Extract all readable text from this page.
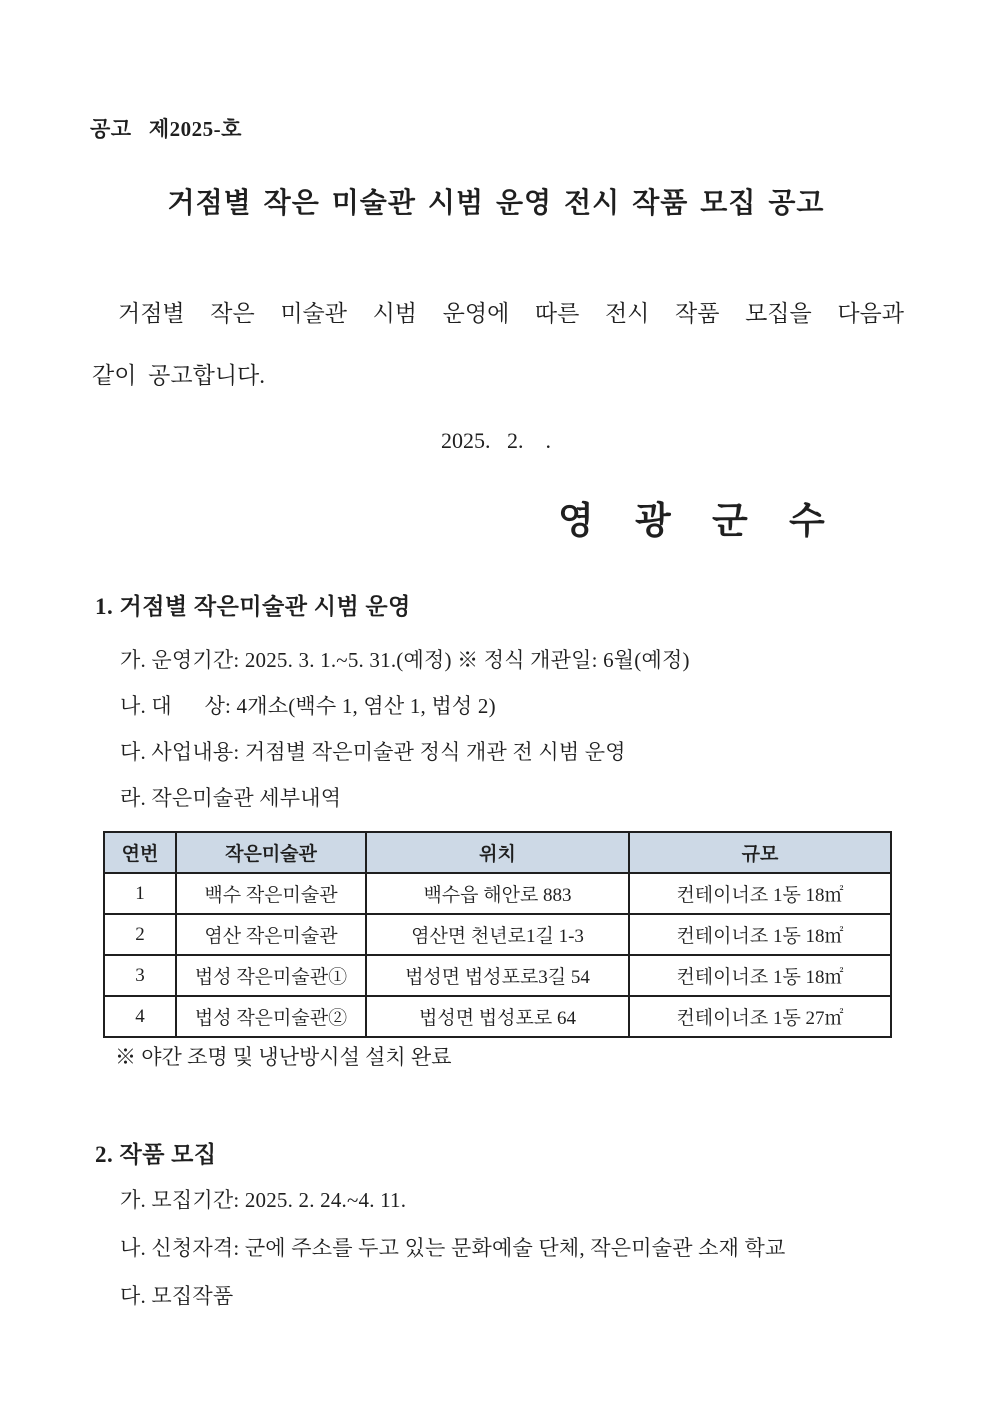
공고   제2025-호
거점별 작은 미술관 시범 운영 전시 작품 모집 공고
거점별 작은 미술관 시범 운영에 따른 전시 작품 모집을 다음과
같이 공고합니다.
2025.   2.    .
영 광 군 수
1. 거점별 작은미술관 시범 운영
가. 운영기간: 2025. 3. 1.~5. 31.(예정) ※ 정식 개관일: 6월(예정)
나. 대      상: 4개소(백수 1, 염산 1, 법성 2)
다. 사업내용: 거점별 작은미술관 정식 개관 전 시범 운영
라. 작은미술관 세부내역
연번	작은미술관	위치	규모
1	백수 작은미술관	백수읍 해안로 883	컨테이너조 1동 18㎡
2	염산 작은미술관	염산면 천년로1길 1-3	컨테이너조 1동 18㎡
3	법성 작은미술관①	법성면 법성포로3길 54	컨테이너조 1동 18㎡
4	법성 작은미술관②	법성면 법성포로 64	컨테이너조 1동 27㎡
※ 야간 조명 및 냉난방시설 설치 완료
2. 작품 모집
가. 모집기간: 2025. 2. 24.~4. 11.
나. 신청자격: 군에 주소를 두고 있는 문화예술 단체, 작은미술관 소재 학교
다. 모집작품
